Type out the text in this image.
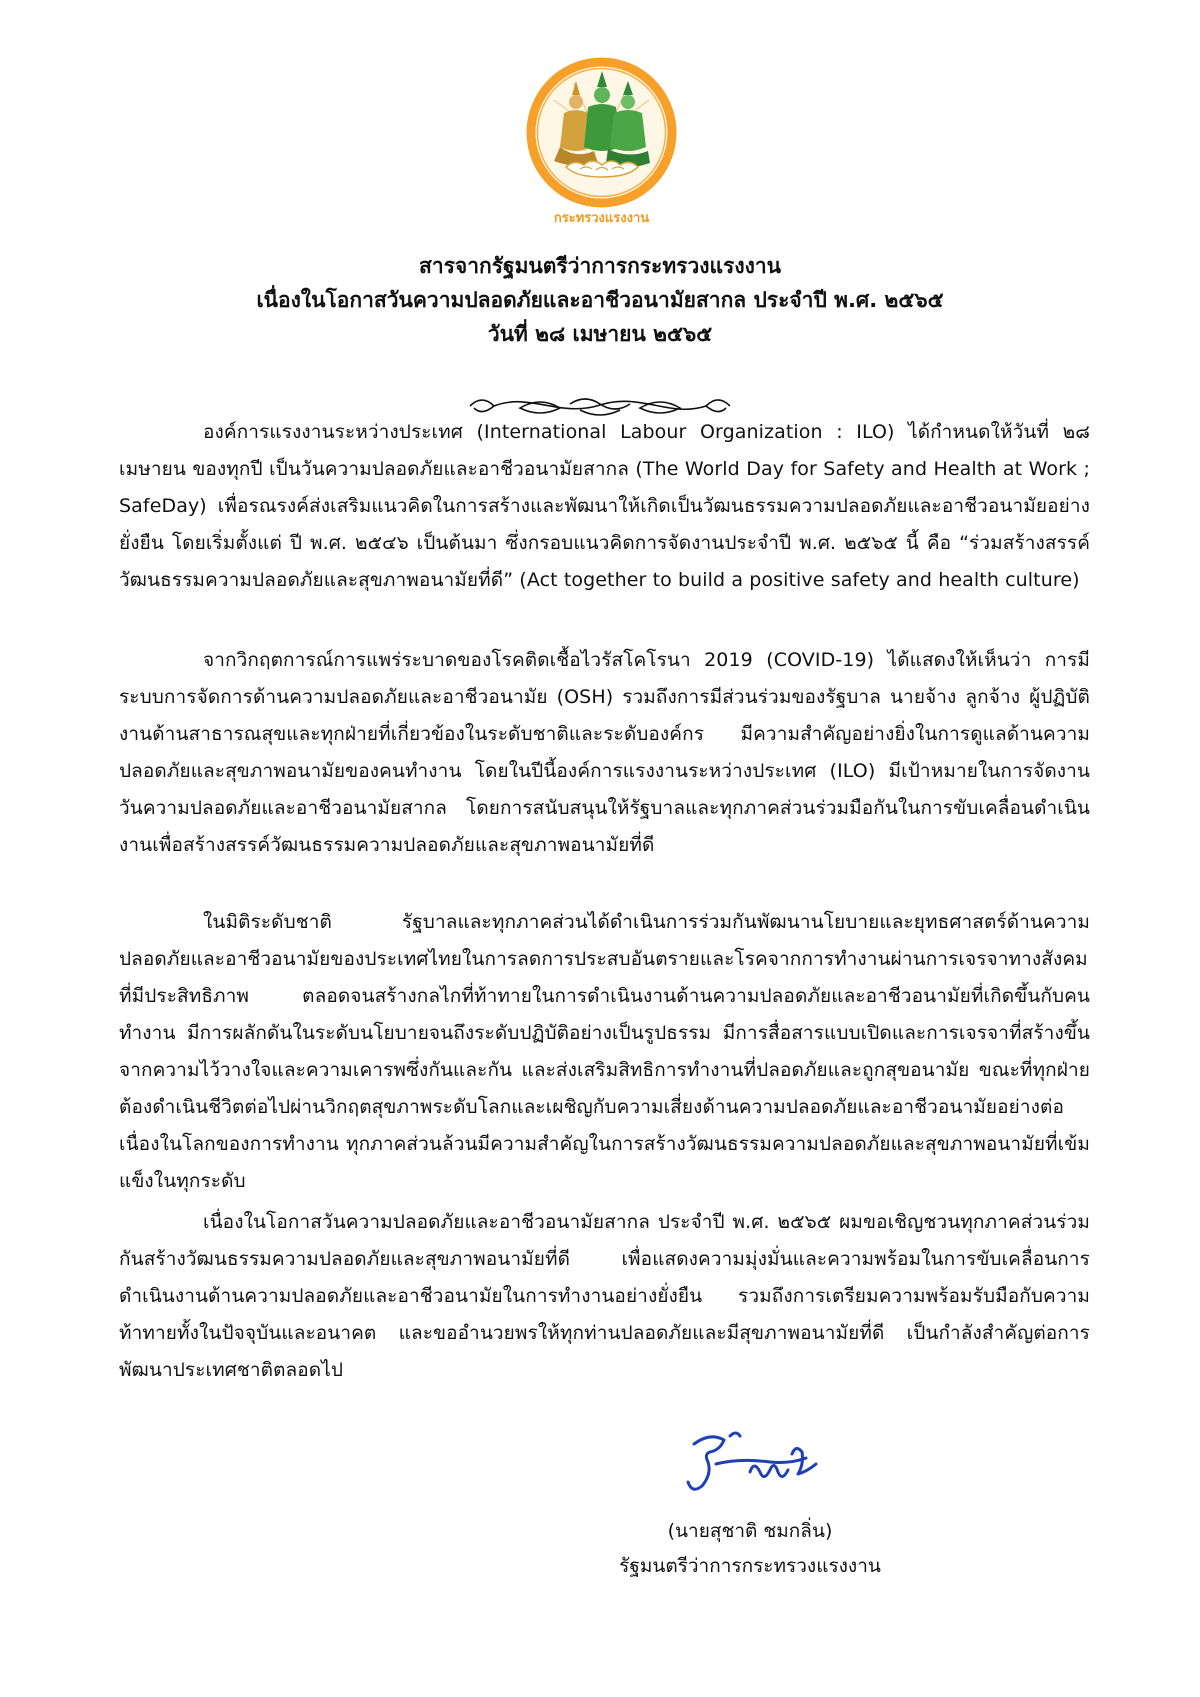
กระทรวงแรงงาน
สารจากรัฐมนตรีว่าการกระทรวงแรงงาน
เนื่องในโอกาสวันความปลอดภัยและอาชีวอนามัยสากล ประจำปี พ.ศ. ๒๕๖๕
วันที่ ๒๘ เมษายน ๒๕๖๕

องค์การแรงงานระหว่างประเทศ (International Labour Organization : ILO) ได้กำหนดให้วันที่ ๒๘ เมษายน ของทุกปี เป็นวันความปลอดภัยและอาชีวอนามัยสากล (The World Day for Safety and Health at Work ; SafeDay) เพื่อรณรงค์ส่งเสริมแนวคิดในการสร้างและพัฒนาให้เกิดเป็นวัฒนธรรมความปลอดภัยและอาชีวอนามัยอย่างยั่งยืน โดยเริ่มตั้งแต่ ปี พ.ศ. ๒๕๔๖ เป็นต้นมา ซึ่งกรอบแนวคิดการจัดงานประจำปี พ.ศ. ๒๕๖๕ นี้ คือ “ร่วมสร้างสรรค์วัฒนธรรมความปลอดภัยและสุขภาพอนามัยที่ดี” (Act together to build a positive safety and health culture)

จากวิกฤตการณ์การแพร่ระบาดของโรคติดเชื้อไวรัสโคโรนา 2019 (COVID-19) ได้แสดงให้เห็นว่า การมีระบบการจัดการด้านความปลอดภัยและอาชีวอนามัย (OSH) รวมถึงการมีส่วนร่วมของรัฐบาล นายจ้าง ลูกจ้าง ผู้ปฏิบัติงานด้านสาธารณสุขและทุกฝ่ายที่เกี่ยวข้องในระดับชาติและระดับองค์กร มีความสำคัญอย่างยิ่งในการดูแลด้านความปลอดภัยและสุขภาพอนามัยของคนทำงาน โดยในปีนี้องค์การแรงงานระหว่างประเทศ (ILO) มีเป้าหมายในการจัดงานวันความปลอดภัยและอาชีวอนามัยสากล โดยการสนับสนุนให้รัฐบาลและทุกภาคส่วนร่วมมือกันในการขับเคลื่อนดำเนินงานเพื่อสร้างสรรค์วัฒนธรรมความปลอดภัยและสุขภาพอนามัยที่ดี

ในมิติระดับชาติ รัฐบาลและทุกภาคส่วนได้ดำเนินการร่วมกันพัฒนานโยบายและยุทธศาสตร์ด้านความปลอดภัยและอาชีวอนามัยของประเทศไทยในการลดการประสบอันตรายและโรคจากการทำงานผ่านการเจรจาทางสังคมที่มีประสิทธิภาพ ตลอดจนสร้างกลไกที่ท้าทายในการดำเนินงานด้านความปลอดภัยและอาชีวอนามัยที่เกิดขึ้นกับคนทำงาน มีการผลักดันในระดับนโยบายจนถึงระดับปฏิบัติอย่างเป็นรูปธรรม มีการสื่อสารแบบเปิดและการเจรจาที่สร้างขึ้นจากความไว้วางใจและความเคารพซึ่งกันและกัน และส่งเสริมสิทธิการทำงานที่ปลอดภัยและถูกสุขอนามัย ขณะที่ทุกฝ่ายต้องดำเนินชีวิตต่อไปผ่านวิกฤตสุขภาพระดับโลกและเผชิญกับความเสี่ยงด้านความปลอดภัยและอาชีวอนามัยอย่างต่อเนื่องในโลกของการทำงาน ทุกภาคส่วนล้วนมีความสำคัญในการสร้างวัฒนธรรมความปลอดภัยและสุขภาพอนามัยที่เข้มแข็งในทุกระดับ

เนื่องในโอกาสวันความปลอดภัยและอาชีวอนามัยสากล ประจำปี พ.ศ. ๒๕๖๕ ผมขอเชิญชวนทุกภาคส่วนร่วมกันสร้างวัฒนธรรมความปลอดภัยและสุขภาพอนามัยที่ดี เพื่อแสดงความมุ่งมั่นและความพร้อมในการขับเคลื่อนการดำเนินงานด้านความปลอดภัยและอาชีวอนามัยในการทำงานอย่างยั่งยืน รวมถึงการเตรียมความพร้อมรับมือกับความท้าทายทั้งในปัจจุบันและอนาคต และขออำนวยพรให้ทุกท่านปลอดภัยและมีสุขภาพอนามัยที่ดี เป็นกำลังสำคัญต่อการพัฒนาประเทศชาติตลอดไป

(นายสุชาติ ชมกลิ่น)
รัฐมนตรีว่าการกระทรวงแรงงาน
